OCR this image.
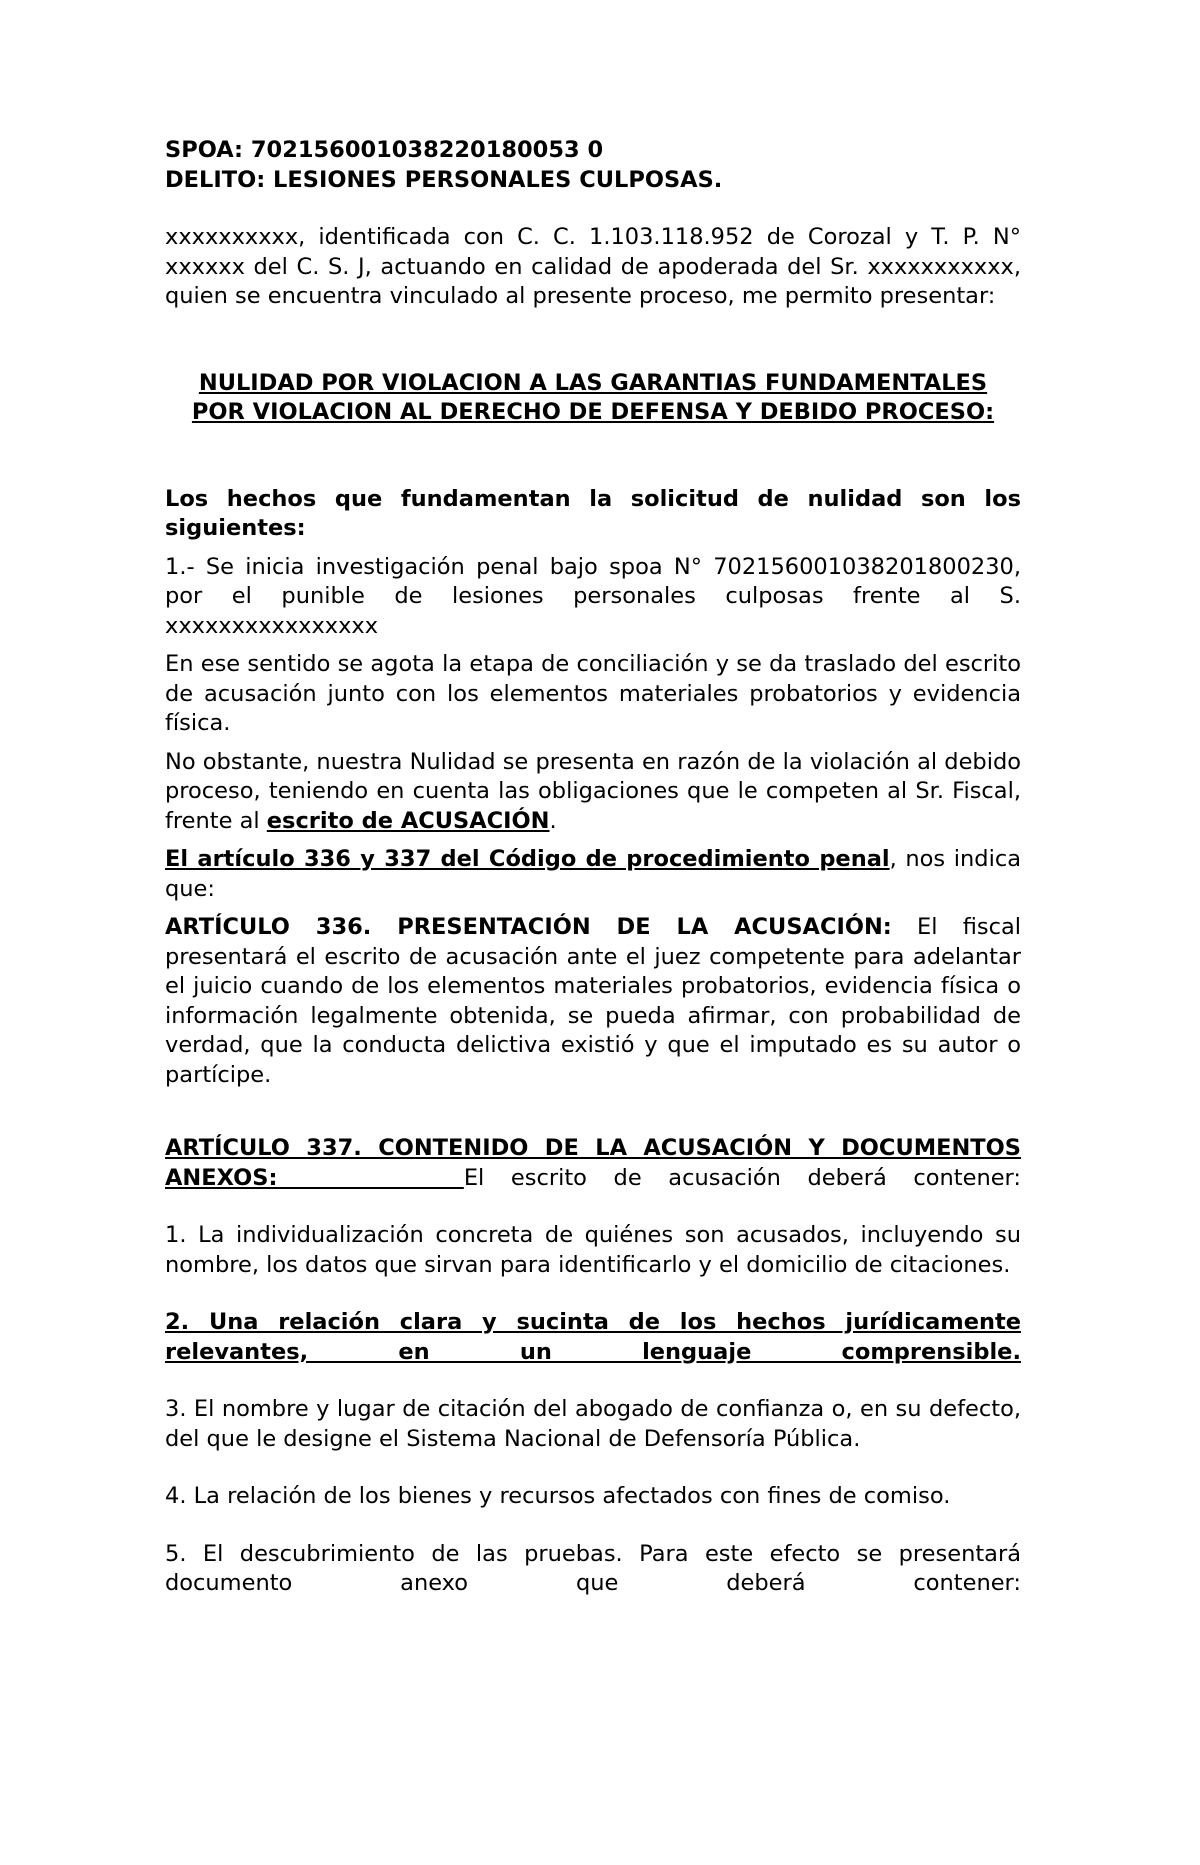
SPOA: 702156001038220180053 0

DELITO: LESIONES PERSONALES CULPOSAS.

xxxxxxxxxx, identificada con C. C. 1.103.118.952 de Corozal y T. P. N° xxxxxx del C. S. J, actuando en calidad de apoderada del Sr. xxxxxxxxxxx, quien se encuentra vinculado al presente proceso, me permito presentar:

NULIDAD POR VIOLACION A LAS GARANTIAS FUNDAMENTALES

POR VIOLACION AL DERECHO DE DEFENSA Y DEBIDO PROCESO:

Los hechos que fundamentan la solicitud de nulidad son los siguientes:

1.- Se inicia investigación penal bajo spoa N° 702156001038201800230, por el punible de lesiones personales culposas frente al S. xxxxxxxxxxxxxxxx

En ese sentido se agota la etapa de conciliación y se da traslado del escrito de acusación junto con los elementos materiales probatorios y evidencia física.

No obstante, nuestra Nulidad se presenta en razón de la violación al debido proceso, teniendo en cuenta las obligaciones que le competen al Sr. Fiscal, frente al escrito de ACUSACIÓN.

El artículo 336 y 337 del Código de procedimiento penal, nos indica que:

ARTÍCULO 336. PRESENTACIÓN DE LA ACUSACIÓN: El fiscal presentará el escrito de acusación ante el juez competente para adelantar el juicio cuando de los elementos materiales probatorios, evidencia física o información legalmente obtenida, se pueda afirmar, con probabilidad de verdad, que la conducta delictiva existió y que el imputado es su autor o partícipe.

ARTÍCULO 337. CONTENIDO DE LA ACUSACIÓN Y DOCUMENTOS

ANEXOS:	El escrito de acusación deberá contener:

1. La individualización concreta de quiénes son acusados, incluyendo su nombre, los datos que sirvan para identificarlo y el domicilio de citaciones.

2. Una relación clara y sucinta de los hechos jurídicamente relevantes, en un lenguaje comprensible.

3. El nombre y lugar de citación del abogado de confianza o, en su defecto, del que le designe el Sistema Nacional de Defensoría Pública.

4. La relación de los bienes y recursos afectados con fines de comiso.

5. El descubrimiento de las pruebas. Para este efecto se presentará documento anexo que deberá contener:
